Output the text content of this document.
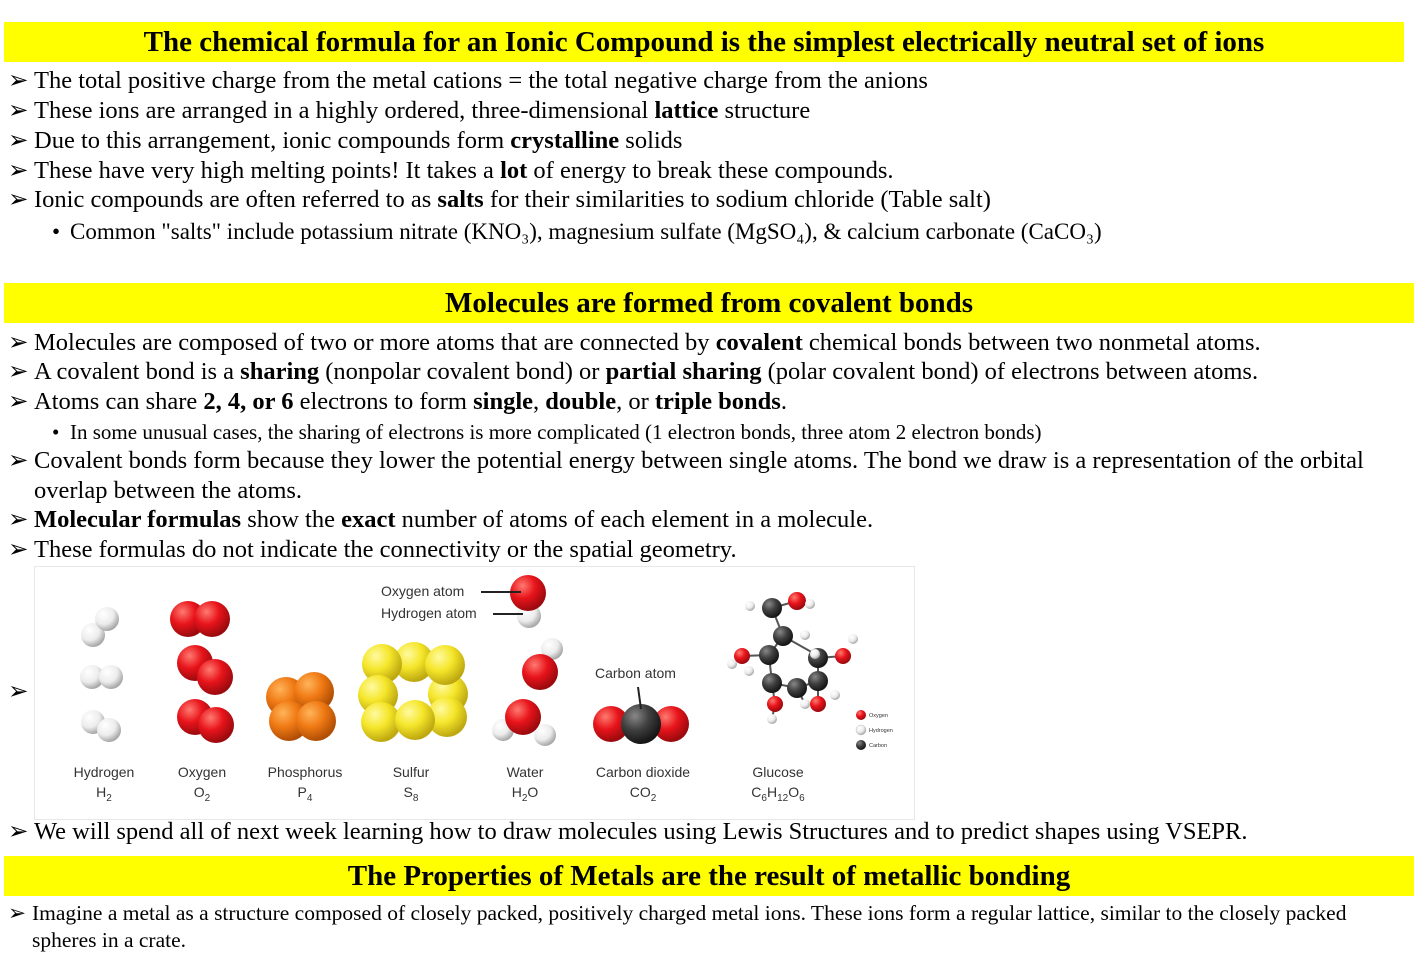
The chemical formula for an Ionic Compound is the simplest electrically neutral set of ions
➢ The total positive charge from the metal cations = the total negative charge from the anions
➢ These ions are arranged in a highly ordered, three-dimensional lattice structure
➢ Due to this arrangement, ionic compounds form crystalline solids
➢ These have very high melting points! It takes a lot of energy to break these compounds.
➢ Ionic compounds are often referred to as salts for their similarities to sodium chloride (Table salt)
• Common "salts" include potassium nitrate (KNO₃), magnesium sulfate (MgSO₄), & calcium carbonate (CaCO₃)
Molecules are formed from covalent bonds
➢ Molecules are composed of two or more atoms that are connected by covalent chemical bonds between two nonmetal atoms.
➢ A covalent bond is a sharing (nonpolar covalent bond) or partial sharing (polar covalent bond) of electrons between atoms.
➢ Atoms can share 2, 4, or 6 electrons to form single, double, or triple bonds.
• In some unusual cases, the sharing of electrons is more complicated (1 electron bonds, three atom 2 electron bonds)
➢ Covalent bonds form because they lower the potential energy between single atoms. The bond we draw is a representation of the orbital overlap between the atoms.
➢ Molecular formulas show the exact number of atoms of each element in a molecule.
➢ These formulas do not indicate the connectivity or the spatial geometry.
➢
Oxygen atom
Hydrogen atom
Carbon atom
Oxygen
Hydrogen
Carbon
Hydrogen	Oxygen	Phosphorus	Sulfur	Water	Carbon dioxide	Glucose
$H_2$	$O_2$	$P_4$	$S_8$	$H_2O$	$CO_2$	$C_6H_{12}O_6$
➢ We will spend all of next week learning how to draw molecules using Lewis Structures and to predict shapes using VSEPR.
The Properties of Metals are the result of metallic bonding
➢ Imagine a metal as a structure composed of closely packed, positively charged metal ions. These ions form a regular lattice, similar to the closely packed spheres in a crate.
